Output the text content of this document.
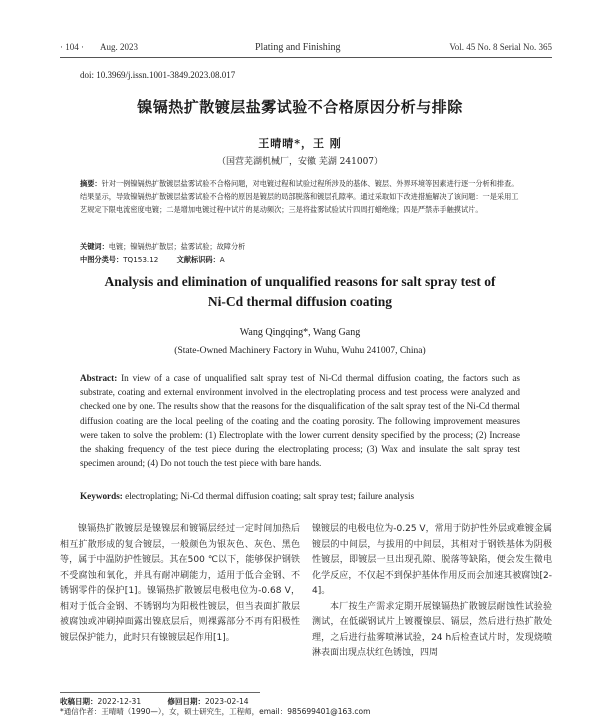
· 104 · Aug. 2023	Plating and Finishing	Vol. 45 No. 8 Serial No. 365
doi: 10.3969/j.issn.1001-3849.2023.08.017
镍镉热扩散镀层盐雾试验不合格原因分析与排除
王晴晴*，王 刚
（国营芜湖机械厂，安徽 芜湖 241007）
摘要：针对一例镍镉热扩散镀层盐雾试验不合格问题，对电镀过程和试验过程所涉及的基体、镀层、外界环境等因素进行逐一分析和排查。结果显示，导致镍镉热扩散镀层盐雾试验不合格的原因是镀层的局部脱落和镀层孔隙率。通过采取如下改进措施解决了该问题：一是采用工艺规定下限电流密度电镀；二是增加电镀过程中试片的晃动频次；三是将盐雾试验试片四周打蜡绝缘；四是严禁赤手触摸试片。
关键词：电镀；镍镉热扩散层；盐雾试验；故障分析
中图分类号：TQ153.12	文献标识码：A
Analysis and elimination of unqualified reasons for salt spray test of
Ni-Cd thermal diffusion coating
Wang Qingqing*, Wang Gang
(State-Owned Machinery Factory in Wuhu, Wuhu 241007, China)
Abstract: In view of a case of unqualified salt spray test of Ni-Cd thermal diffusion coating, the factors such as substrate, coating and external environment involved in the electroplating process and test process were analyzed and checked one by one. The results show that the reasons for the disqualification of the salt spray test of the Ni-Cd thermal diffusion coating are the local peeling of the coating and the coating porosity. The following improvement measures were taken to solve the problem: (1) Electroplate with the lower current density specified by the process; (2) Increase the shaking frequency of the test piece during the electroplating process; (3) Wax and insulate the salt spray test specimen around; (4) Do not touch the test piece with bare hands.
Keywords: electroplating; Ni-Cd thermal diffusion coating; salt spray test; failure analysis
镍镉热扩散镀层是镍镍层和镀镉层经过一定时间加热后相互扩散形成的复合镀层，一般颜色为银灰色、灰色、黑色等，属于中温防护性镀层。其在500 ℃以下，能够保护钢铁不受腐蚀和氧化，并具有耐冲刷能力，适用于低合金钢、不锈钢零件的保护[1]。镍镉热扩散镀层电极电位为-0.68 V，相对于低合金钢、不锈钢均为阳极性镀层，但当表面扩散层被腐蚀或冲刷掉面露出镍底层后，则裸露部分不再有阳极性镀层保护能力，此时只有镍镀层起作用[1]。

镍镀层的电极电位为-0.25 V，常用于防护性外层或难镀金属镀层的中间层，与拔用的中间层，其相对于钢铁基体为阴极性镀层，即镀层一旦出现孔隙、脱落等缺陷，便会发生微电化学反应，不仅起不到保护基体作用反而会加速其被腐蚀[2-4]。

本厂按生产需求定期开展镍镉热扩散镀层耐蚀性试验验测试，在低碳钢试片上镀覆镍层、镉层，然后进行热扩散处理，之后进行盐雾喷淋试验，24 h后检查试片时，发现烧喷淋表面出现点状红色锈蚀，四周

收稿日期：2022-12-31	修回日期：2023-02-14
*通信作者：王晴晴（1990—），女，硕士研究生，工程师，email：985699401@163.com
